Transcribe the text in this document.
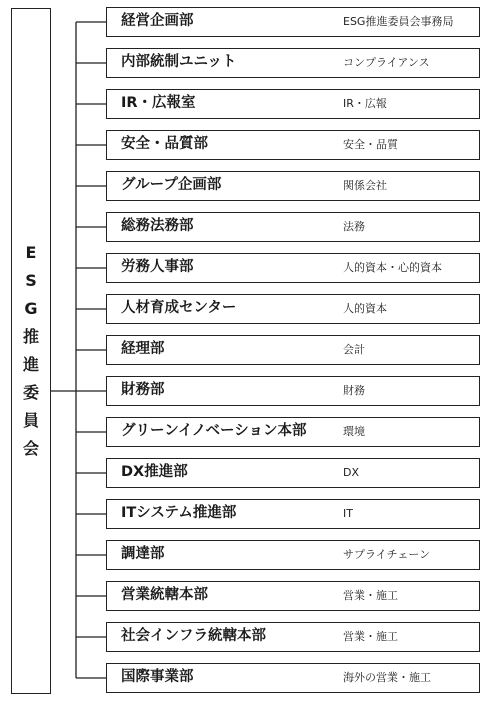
E
S
G
推
進
委
員
会
経営企画部	ESG推進委員会事務局
内部統制ユニット	コンプライアンス
IR・広報室	IR・広報
安全・品質部	安全・品質
グループ企画部	関係会社
総務法務部	法務
労務人事部	人的資本・心的資本
人材育成センター	人的資本
経理部	会計
財務部	財務
グリーンイノベーション本部	環境
DX推進部	DX
ITシステム推進部	IT
調達部	サプライチェーン
営業統轄本部	営業・施工
社会インフラ統轄本部	営業・施工
国際事業部	海外の営業・施工
